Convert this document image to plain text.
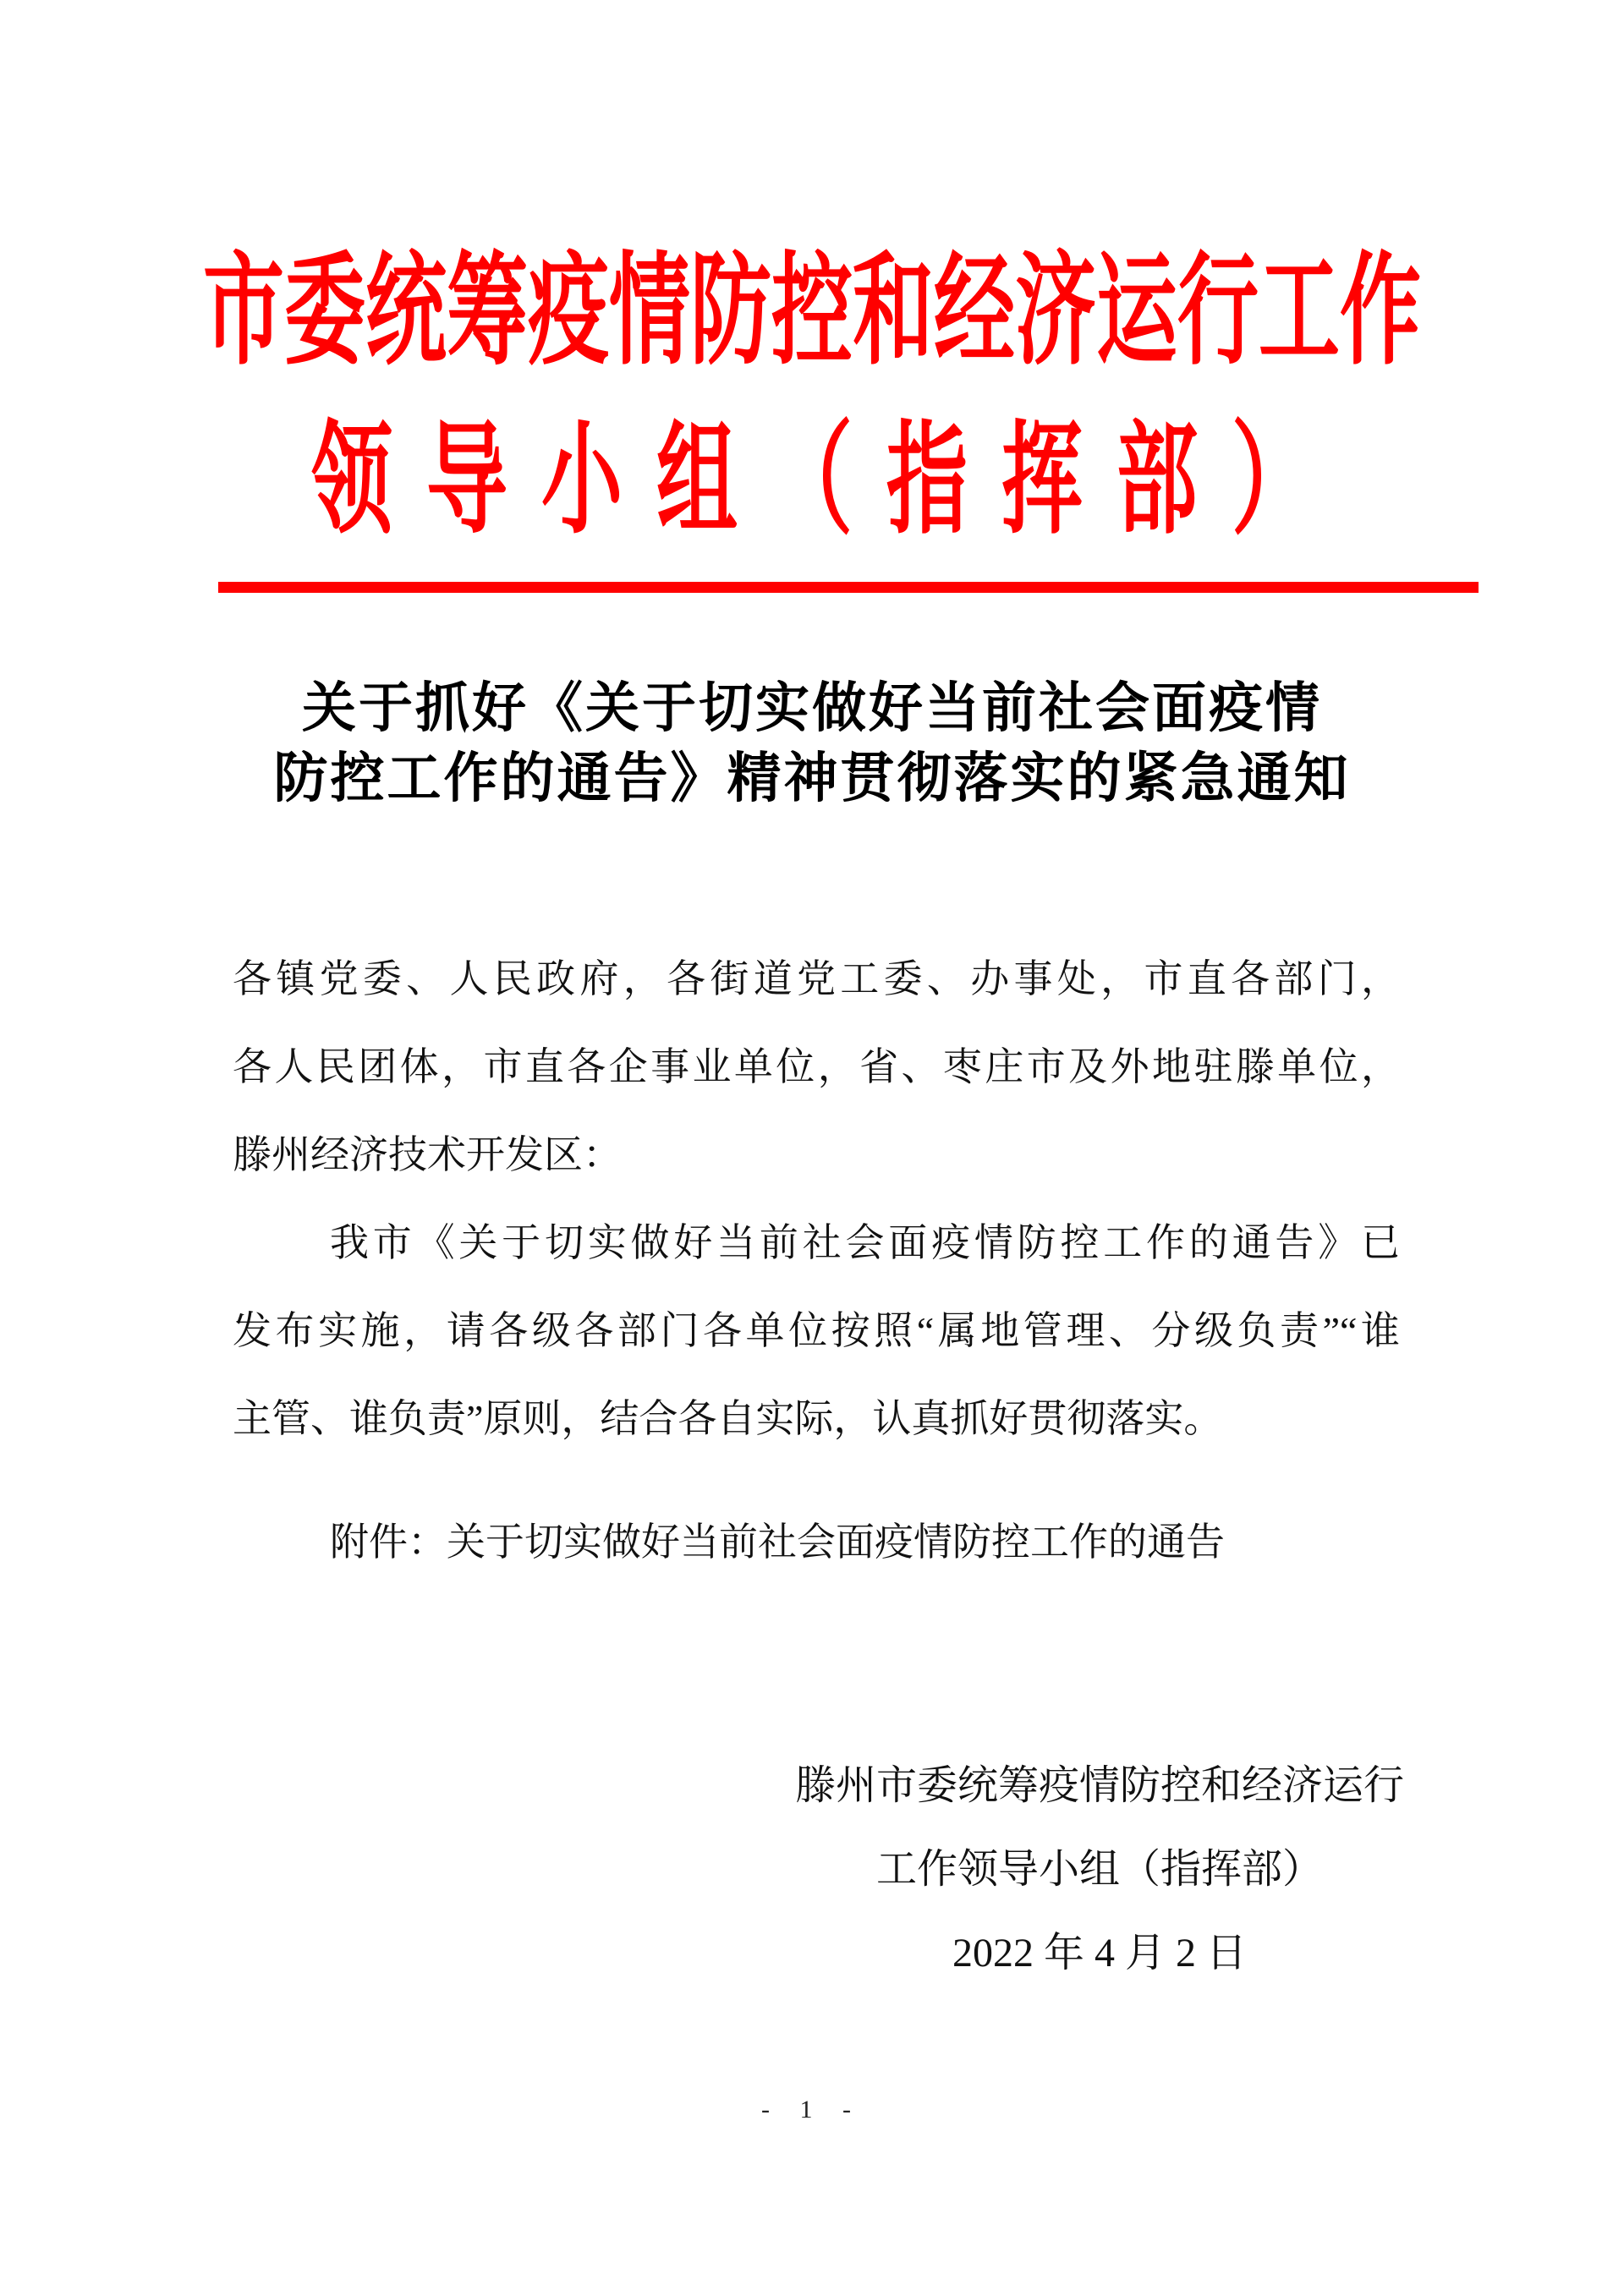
市委统筹疫情防控和经济运行工作
领导小组（指挥部）
关于抓好《关于切实做好当前社会面疫情
防控工作的通告》精神贯彻落实的紧急通知
各镇党委、人民政府，各街道党工委、办事处，市直各部门，
各人民团体，市直各企事业单位，省、枣庄市及外地驻滕单位，
滕州经济技术开发区：
我市《关于切实做好当前社会面疫情防控工作的通告》已
发布实施，请各级各部门各单位按照“属地管理、分级负责”“谁
主管、谁负责”原则，结合各自实际，认真抓好贯彻落实。
附件：关于切实做好当前社会面疫情防控工作的通告
滕州市委统筹疫情防控和经济运行
工作领导小组（指挥部）
2022 年 4 月 2 日
- 1 -
